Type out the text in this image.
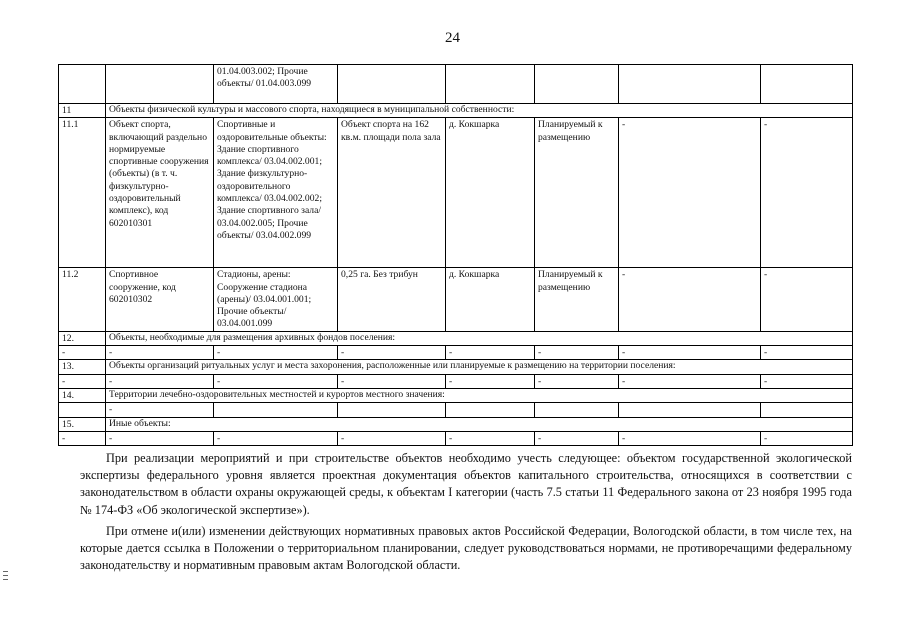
24
		01.04.003.002; Прочие объекты/ 01.04.003.099					
11	Объекты физической культуры и массового спорта, находящиеся в муниципальной собственности:						
11.1	Объект спорта, включающий раздельно нормируемые спортивные сооружения (объекты) (в т. ч. физкультурно-оздоровительный комплекс), код 602010301	Спортивные и оздоровительные объекты: Здание спортивного комплекса/ 03.04.002.001; Здание физкультурно-оздоровительного комплекса/ 03.04.002.002; Здание спортивного зала/ 03.04.002.005; Прочие объекты/ 03.04.002.099	Объект спорта на 162 кв.м. площади пола зала	д. Кокшарка	Планируемый к размещению	-	-
11.2	Спортивное сооружение, код 602010302	Стадионы, арены: Сооружение стадиона (арены)/ 03.04.001.001; Прочие объекты/ 03.04.001.099	0,25 га. Без трибун	д. Кокшарка	Планируемый к размещению	-	-
12.	Объекты, необходимые для размещения архивных фондов поселения:						
-	-	-	-	-	-	-	-
13.	Объекты организаций ритуальных услуг и места захоронения, расположенные или планируемые к размещению на территории поселения:						
-	-	-	-	-	-	-	-
14.	Территории лечебно-оздоровительных местностей и курортов местного значения:						
	-						
15.	Иные объекты:						
-	-	-	-	-	-	-	-

При реализации мероприятий и при строительстве объектов необходимо учесть следующее: объектом государственной экологической экспертизы федерального уровня является проектная документация объектов капитального строительства, относящихся в соответствии с законодательством в области охраны окружающей среды, к объектам I категории (часть 7.5 статьи 11 Федерального закона от 23 ноября 1995 года № 174-ФЗ «Об экологической экспертизе»).

При отмене и(или) изменении действующих нормативных правовых актов Российской Федерации, Вологодской области, в том числе тех, на которые дается ссылка в Положении о территориальном планировании, следует руководствоваться нормами, не противоречащими федеральному законодательству и нормативным правовым актам Вологодской области.
